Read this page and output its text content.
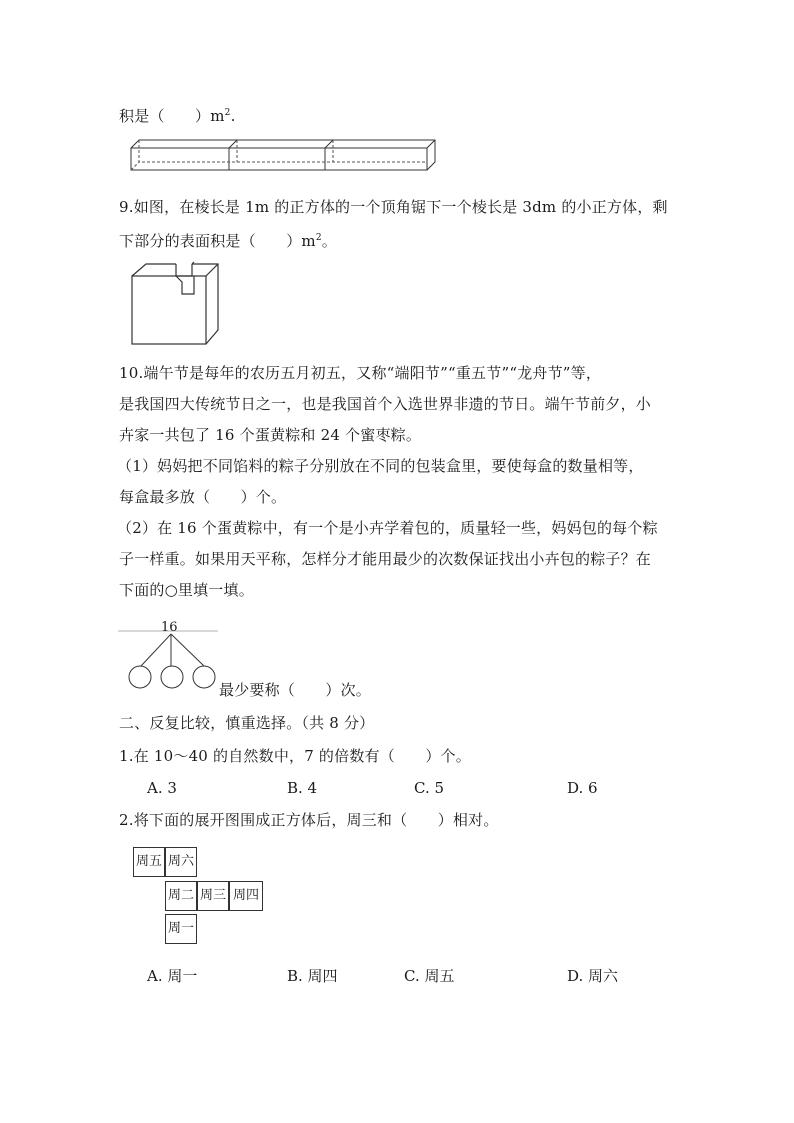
积是（　　）$m^2$.
9.如图，在棱长是 1m 的正方体的一个顶角锯下一个棱长是 3dm 的小正方体，剩
下部分的表面积是（　　）$m^2$。
10.端午节是每年的农历五月初五，又称“端阳节”“重五节”“龙舟节”等，
是我国四大传统节日之一，也是我国首个入选世界非遗的节日。端午节前夕，小
卉家一共包了 16 个蛋黄粽和 24 个蜜枣粽。
（1）妈妈把不同馅料的粽子分别放在不同的包装盒里，要使每盒的数量相等，
每盒最多放（　　）个。
（2）在 16 个蛋黄粽中，有一个是小卉学着包的，质量轻一些，妈妈包的每个粽
子一样重。如果用天平称，怎样分才能用最少的次数保证找出小卉包的粽子？在
下面的○里填一填。
16
最少要称（　　）次。
二、反复比较，慎重选择。（共 8 分）
1.在 10～40 的自然数中，7 的倍数有（　　）个。
A. 3	B. 4	C. 5	D. 6
2.将下面的展开图围成正方体后，周三和（　　）相对。
周五 周六
周二 周三 周四
周一
A. 周一	B. 周四	C. 周五	D. 周六
